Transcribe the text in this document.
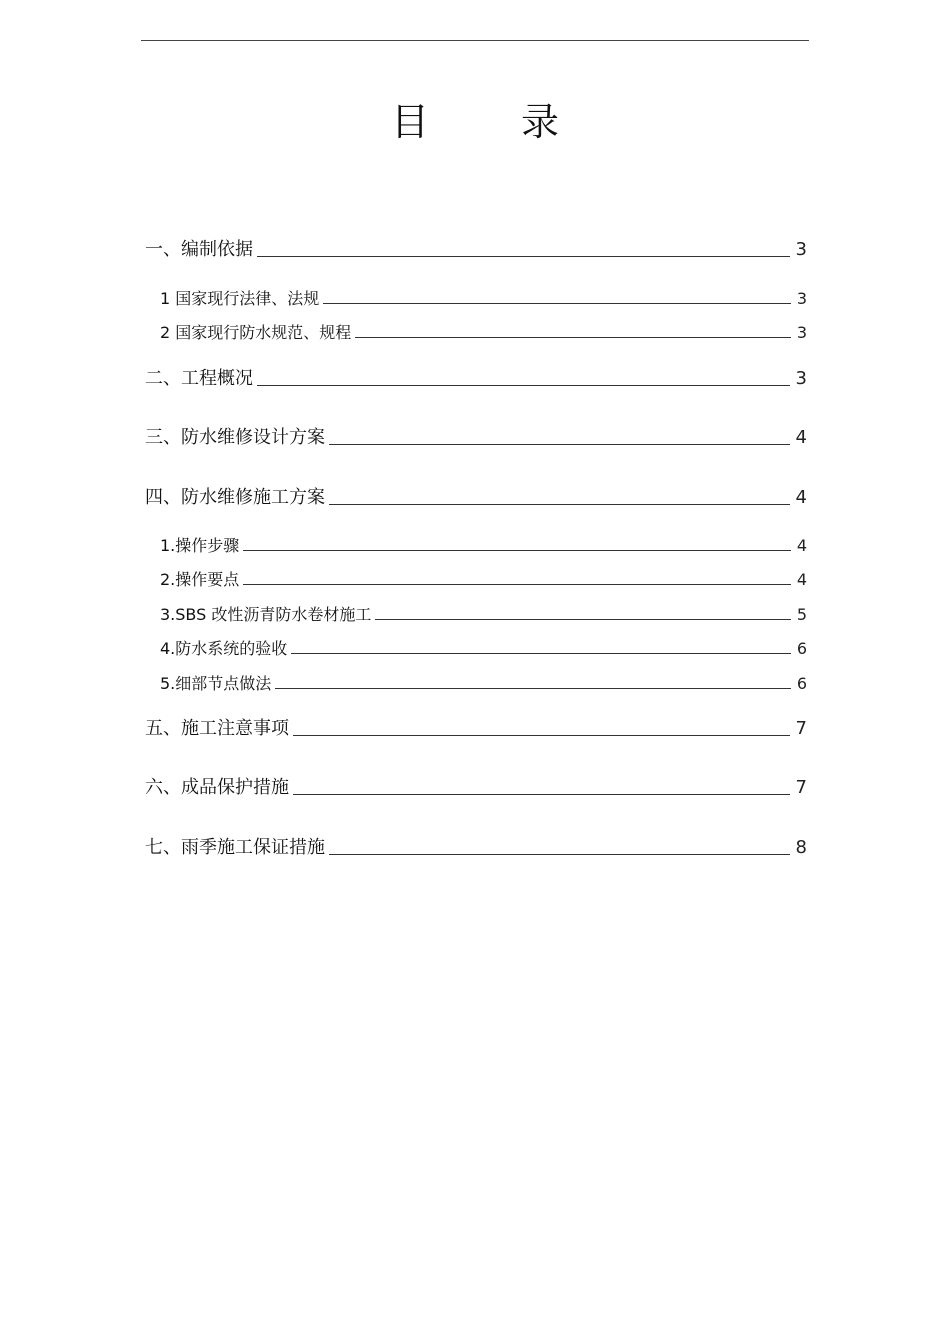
目 录
一、编制依据	3
1 国家现行法律、法规	3
2 国家现行防水规范、规程	3
二、工程概况	3
三、防水维修设计方案	4
四、防水维修施工方案	4
1.操作步骤	4
2.操作要点	4
3.SBS 改性沥青防水卷材施工	5
4.防水系统的验收	6
5.细部节点做法	6
五、施工注意事项	7
六、成品保护措施	7
七、雨季施工保证措施	8
